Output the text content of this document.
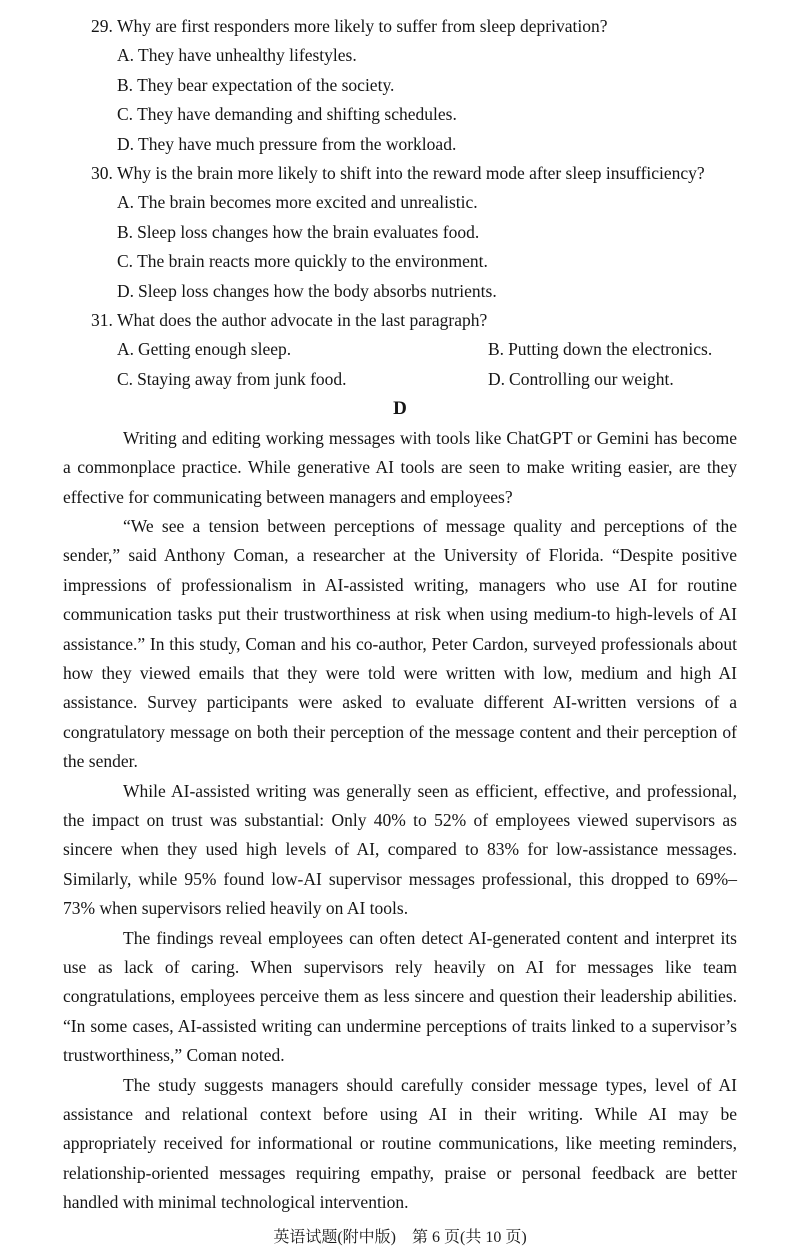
29. Why are first responders more likely to suffer from sleep deprivation?
A. They have unhealthy lifestyles.
B. They bear expectation of the society.
C. They have demanding and shifting schedules.
D. They have much pressure from the workload.
30. Why is the brain more likely to shift into the reward mode after sleep insufficiency?
A. The brain becomes more excited and unrealistic.
B. Sleep loss changes how the brain evaluates food.
C. The brain reacts more quickly to the environment.
D. Sleep loss changes how the body absorbs nutrients.
31. What does the author advocate in the last paragraph?
A. Getting enough sleep.	B. Putting down the electronics.
C. Staying away from junk food.	D. Controlling our weight.
D

Writing and editing working messages with tools like ChatGPT or Gemini has become a commonplace practice. While generative AI tools are seen to make writing easier, are they effective for communicating between managers and employees?

“We see a tension between perceptions of message quality and perceptions of the sender,” said Anthony Coman, a researcher at the University of Florida. “Despite positive impressions of professionalism in AI-assisted writing, managers who use AI for routine communication tasks put their trustworthiness at risk when using medium-to high-levels of AI assistance.” In this study, Coman and his co-author, Peter Cardon, surveyed professionals about how they viewed emails that they were told were written with low, medium and high AI assistance. Survey participants were asked to evaluate different AI-written versions of a congratulatory message on both their perception of the message content and their perception of the sender.

While AI-assisted writing was generally seen as efficient, effective, and professional, the impact on trust was substantial: Only 40% to 52% of employees viewed supervisors as sincere when they used high levels of AI, compared to 83% for low-assistance messages. Similarly, while 95% found low-AI supervisor messages professional, this dropped to 69%–73% when supervisors relied heavily on AI tools.

The findings reveal employees can often detect AI-generated content and interpret its use as lack of caring. When supervisors rely heavily on AI for messages like team congratulations, employees perceive them as less sincere and question their leadership abilities. “In some cases, AI-assisted writing can undermine perceptions of traits linked to a supervisor’s trustworthiness,” Coman noted.

The study suggests managers should carefully consider message types, level of AI assistance and relational context before using AI in their writing. While AI may be appropriately received for informational or routine communications, like meeting reminders, relationship-oriented messages requiring empathy, praise or personal feedback are better handled with minimal technological intervention.

英语试题(附中版)　第 6 页(共 10 页)
